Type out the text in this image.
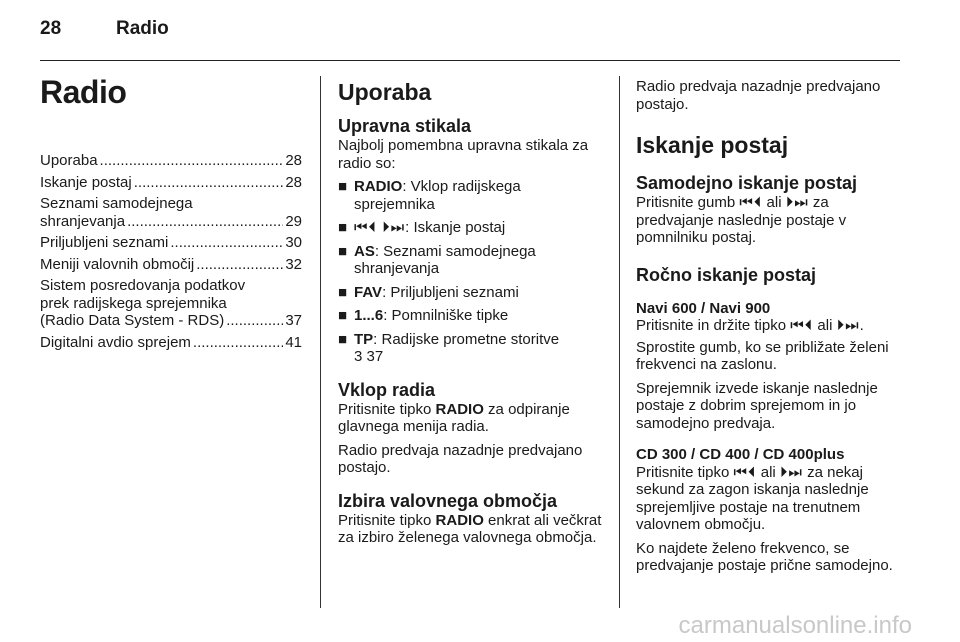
28	Radio
Radio
Uporaba .....	28
Iskanje postaj .....	28
Seznami samodejnega
shranjevanja .....	29
Priljubljeni seznami .....	30
Meniji valovnih območij .....	32
Sistem posredovanja podatkov
prek radijskega sprejemnika
(Radio Data System - RDS) .....	37
Digitalni avdio sprejem .....	41
Uporaba
Upravna stikala

Najbolj pomembna upravna stikala za radio so:

■ RADIO: Vklop radijskega sprejemnika
■ ⏮⏴ ⏵⏭: Iskanje postaj
■ AS: Seznami samodejnega shranjevanja
■ FAV: Priljubljeni seznami
■ 1...6: Pomnilniške tipke
■ TP: Radijske prometne storitve
3 37
Vklop radia

Pritisnite tipko RADIO za odpiranje glavnega menija radia.

Radio predvaja nazadnje predvajano postajo.

Izbira valovnega območja

Pritisnite tipko RADIO enkrat ali večkrat za izbiro želenega valovnega območja.

Radio predvaja nazadnje predvajano postajo.

Iskanje postaj
Samodejno iskanje postaj

Pritisnite gumb ⏮⏴ ali ⏵⏭ za predvajanje naslednje postaje v pomnilniku postaj.

Ročno iskanje postaj
Navi 600 / Navi 900

Pritisnite in držite tipko ⏮⏴ ali ⏵⏭.

Sprostite gumb, ko se približate želeni frekvenci na zaslonu.

Sprejemnik izvede iskanje naslednje postaje z dobrim sprejemom in jo samodejno predvaja.

CD 300 / CD 400 / CD 400plus

Pritisnite tipko ⏮⏴ ali ⏵⏭ za nekaj sekund za zagon iskanja naslednje sprejemljive postaje na trenutnem valovnem območju.

Ko najdete želeno frekvenco, se predvajanje postaje prične samodejno.

carmanualsonline.info
